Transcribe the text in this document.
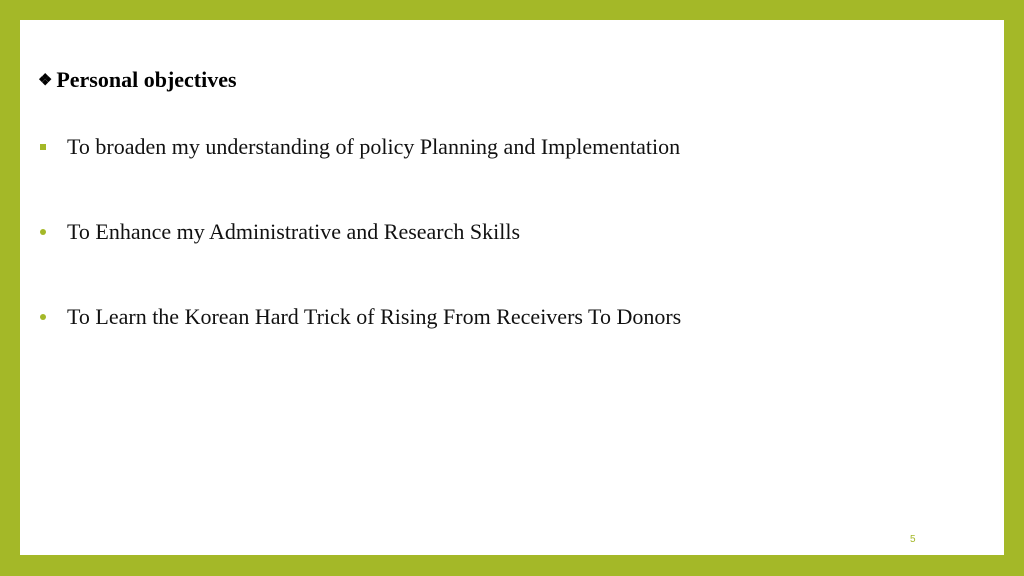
❖ Personal objectives
To broaden my understanding of policy Planning and Implementation
To Enhance my Administrative and Research Skills
To Learn the Korean Hard Trick of Rising From Receivers To Donors
5
